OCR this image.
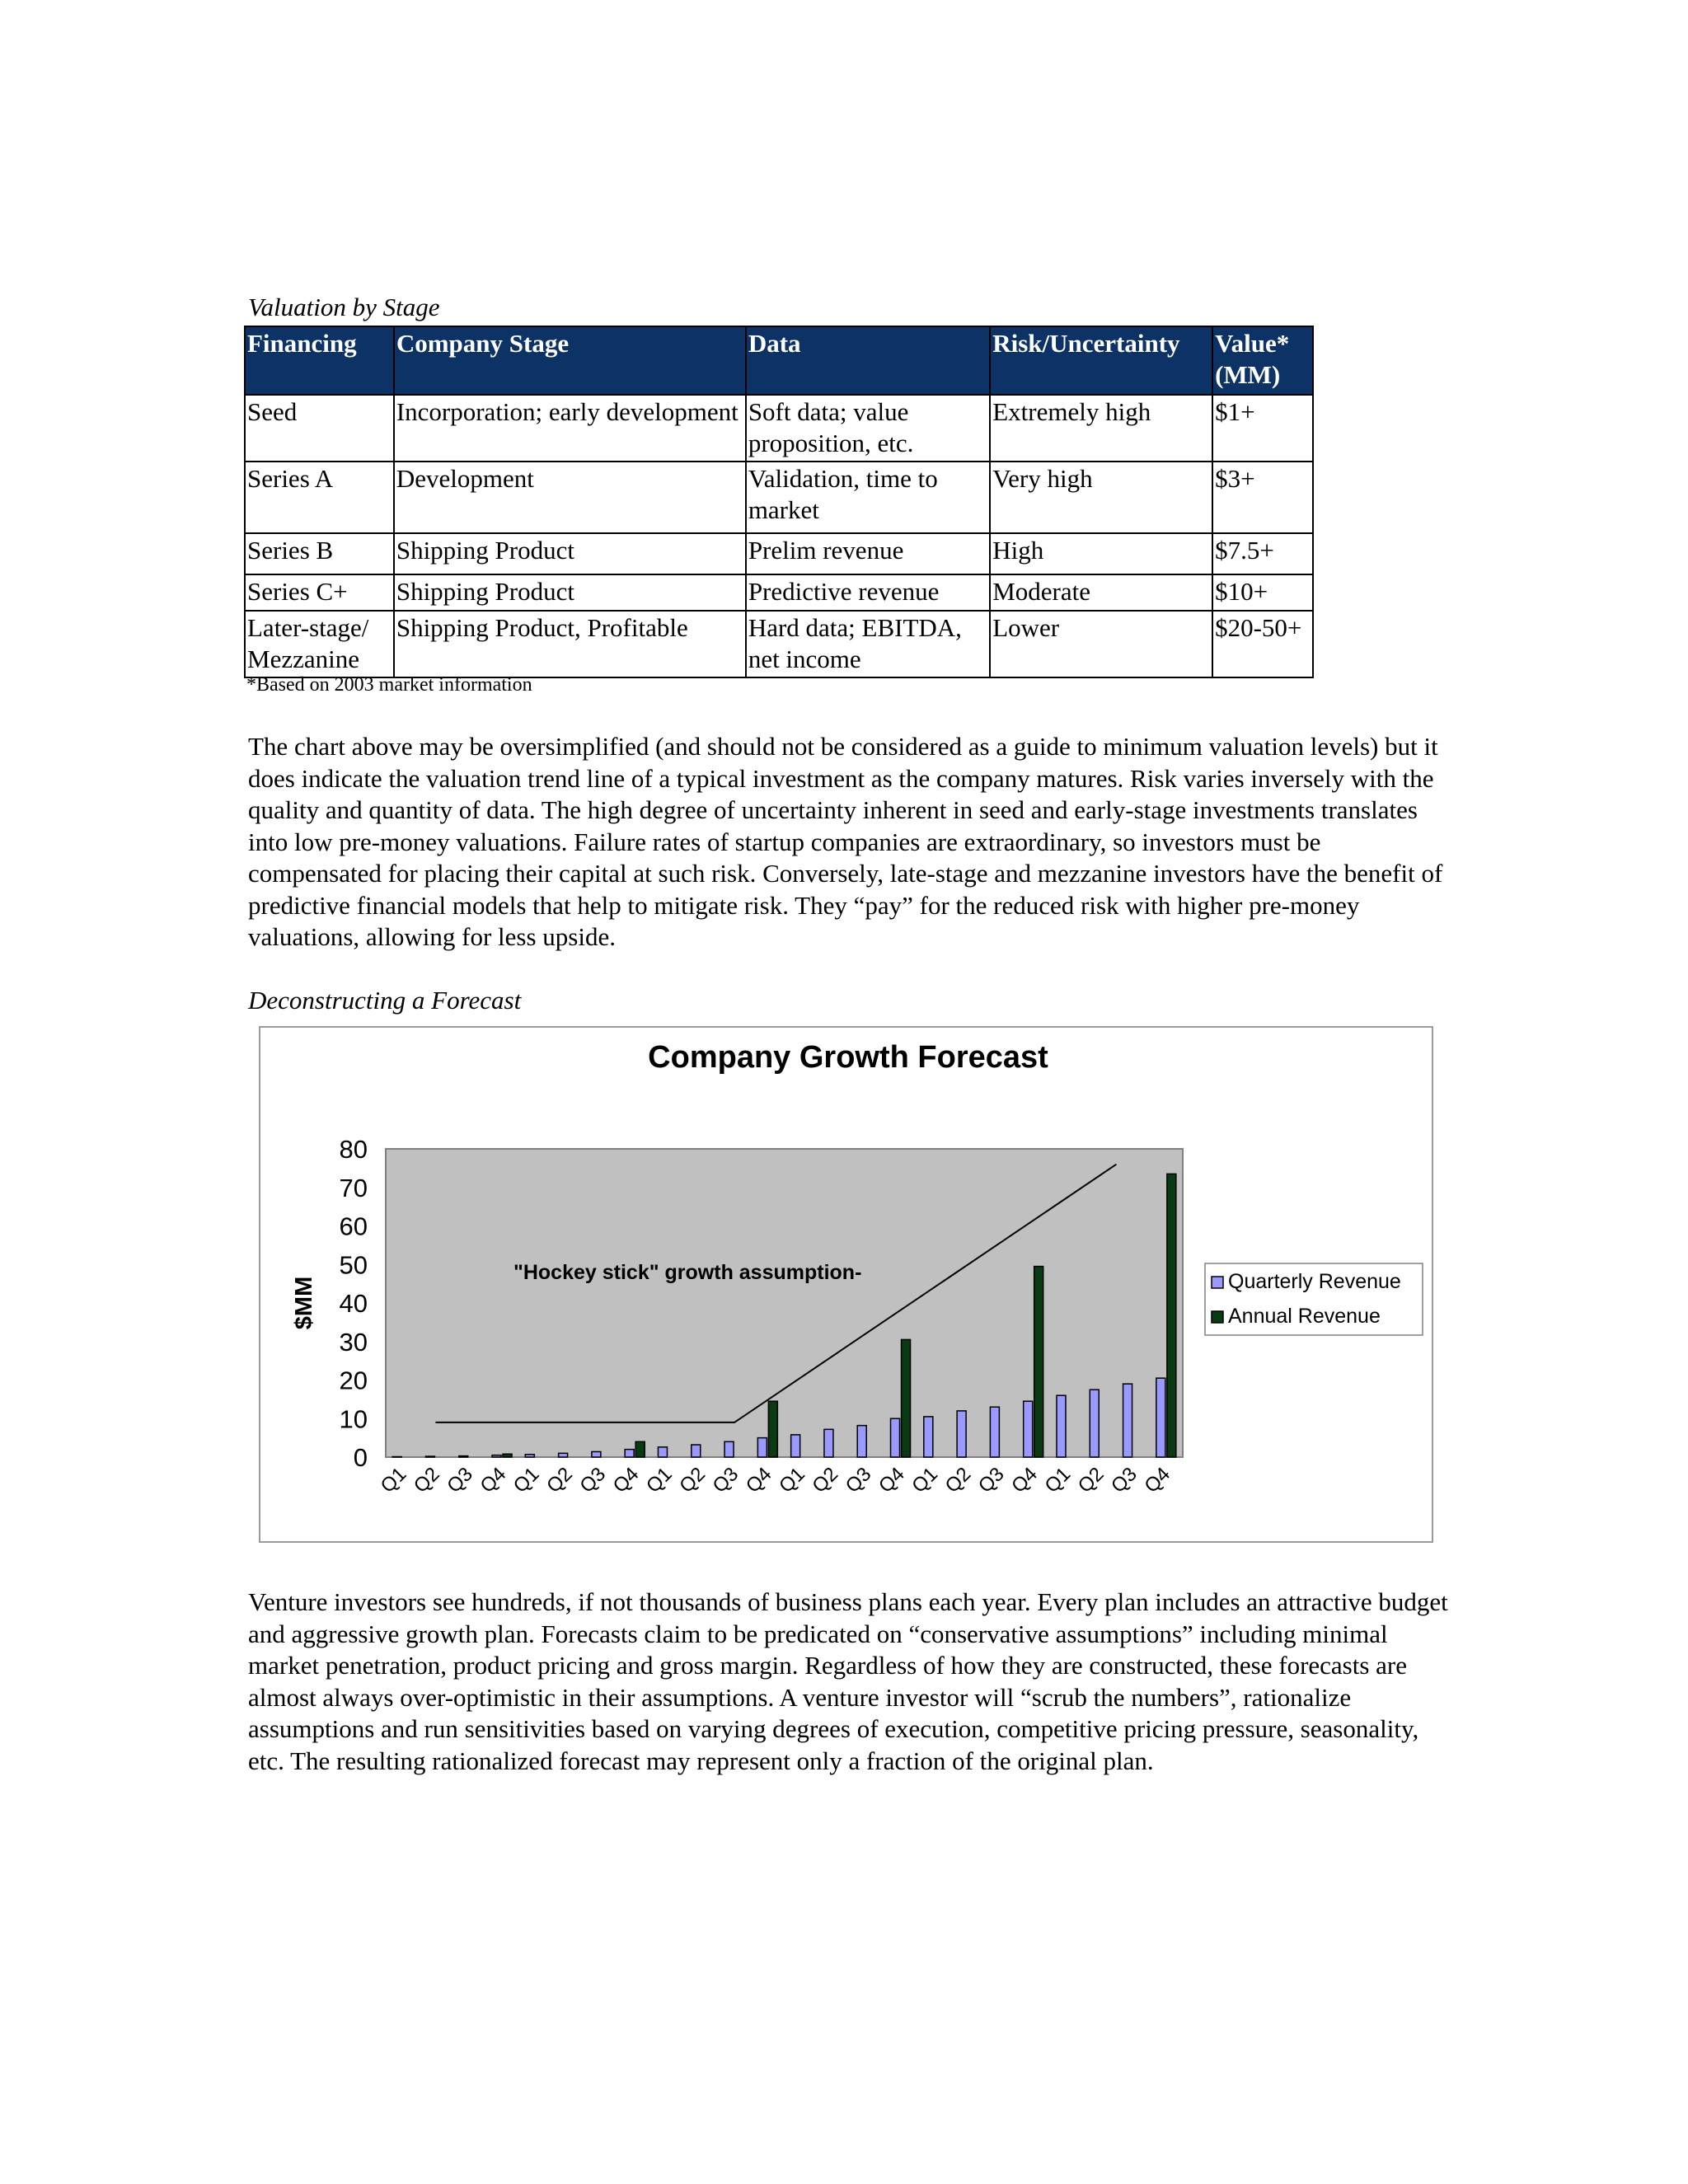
Valuation by Stage
Financing	Company Stage	Data	Risk/Uncertainty	Value* (MM)
Seed	Incorporation; early development	Soft data; value proposition, etc.	Extremely high	$1+
Series A	Development	Validation, time to market	Very high	$3+
Series B	Shipping Product	Prelim revenue	High	$7.5+
Series C+	Shipping Product	Predictive revenue	Moderate	$10+
Later-stage/ Mezzanine	Shipping Product, Profitable	Hard data; EBITDA, net income	Lower	$20-50+
*Based on 2003 market information
The chart above may be oversimplified (and should not be considered as a guide to minimum valuation levels) but it does indicate the valuation trend line of a typical investment as the company matures. Risk varies inversely with the quality and quantity of data. The high degree of uncertainty inherent in seed and early-stage investments translates into low pre-money valuations. Failure rates of startup companies are extraordinary, so investors must be compensated for placing their capital at such risk. Conversely, late-stage and mezzanine investors have the benefit of predictive financial models that help to mitigate risk. They “pay” for the reduced risk with higher pre-money valuations, allowing for less upside.
Deconstructing a Forecast
Company Growth Forecast
0
10
20
30
40
50
60
70
80
Q1
Q2
Q3
Q4
Q1
Q2
Q3
Q4
Q1
Q2
Q3
Q4
Q1
Q2
Q3
Q4
Q1
Q2
Q3
Q4
Q1
Q2
Q3
Q4
"Hockey stick" growth assumption-
$MM	Quarterly Revenue
Annual Revenue
Venture investors see hundreds, if not thousands of business plans each year. Every plan includes an attractive budget and aggressive growth plan. Forecasts claim to be predicated on “conservative assumptions” including minimal market penetration, product pricing and gross margin. Regardless of how they are constructed, these forecasts are almost always over-optimistic in their assumptions. A venture investor will “scrub the numbers”, rationalize assumptions and run sensitivities based on varying degrees of execution, competitive pricing pressure, seasonality, etc. The resulting rationalized forecast may represent only a fraction of the original plan.
